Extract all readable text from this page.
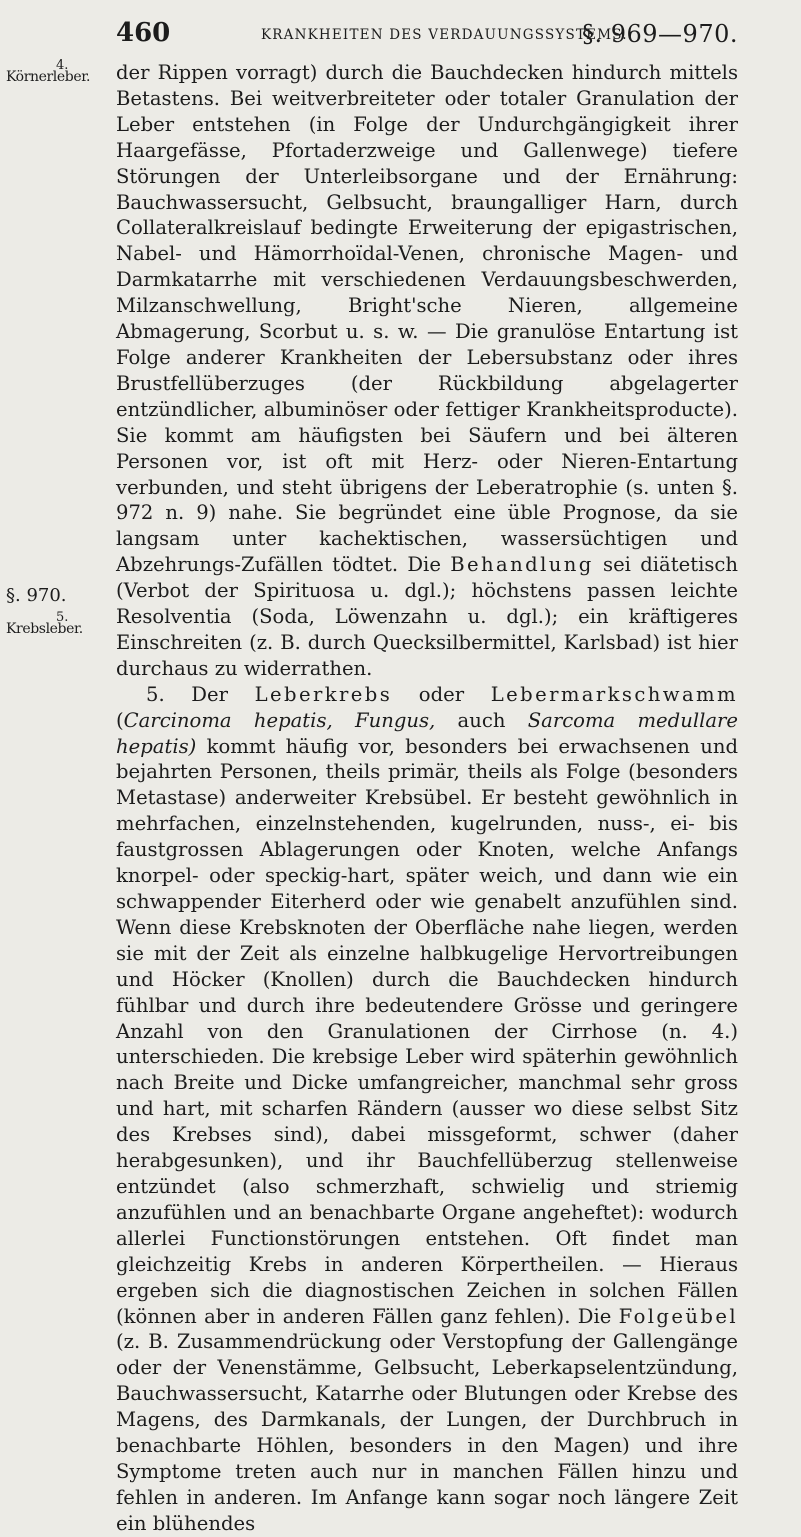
460	KRANKHEITEN DES VERDAUUNGSSYSTEMS.
§. 969—970.
4.
Körnerleber.
§. 970.
5.
Krebsleber.

der Rippen vorragt) durch die Bauchdecken hindurch mittels Betastens. Bei weitverbreiteter oder totaler Granulation der Leber entstehen (in Folge der Undurchgängigkeit ihrer Haargefässe, Pfortaderzweige und Gallenwege) tiefere Störungen der Unterleibsorgane und der Ernährung: Bauchwassersucht, Gelbsucht, braungalliger Harn, durch Collateralkreislauf bedingte Erweiterung der epigastrischen, Nabel- und Hämorrhoïdal-Venen, chronische Magen- und Darmkatarrhe mit verschiedenen Verdauungsbeschwerden, Milzanschwellung, Bright'sche Nieren, allgemeine Abmagerung, Scorbut u. s. w. — Die granulöse Entartung ist Folge anderer Krankheiten der Lebersubstanz oder ihres Brustfellüberzuges (der Rückbildung abgelagerter entzündlicher, albuminöser oder fettiger Krankheitsproducte). Sie kommt am häufigsten bei Säufern und bei älteren Personen vor, ist oft mit Herz- oder Nieren-Entartung verbunden, und steht übrigens der Leberatrophie (s. unten §. 972 n. 9) nahe. Sie begründet eine üble Prognose, da sie langsam unter kachektischen, wassersüchtigen und Abzehrungs-Zufällen tödtet. Die Behandlung sei diätetisch (Verbot der Spirituosa u. dgl.); höchstens passen leichte Resolventia (Soda, Löwenzahn u. dgl.); ein kräftigeres Einschreiten (z. B. durch Quecksilbermittel, Karlsbad) ist hier durchaus zu widerrathen.

5. Der Leberkrebs oder Lebermarkschwamm (Carcinoma hepatis, Fungus, auch Sarcoma medullare hepatis) kommt häufig vor, besonders bei erwachsenen und bejahrten Personen, theils primär, theils als Folge (besonders Metastase) anderweiter Krebsübel. Er besteht gewöhnlich in mehrfachen, einzelnstehenden, kugelrunden, nuss-, ei- bis faustgrossen Ablagerungen oder Knoten, welche Anfangs knorpel- oder speckig-hart, später weich, und dann wie ein schwappender Eiterherd oder wie genabelt anzufühlen sind. Wenn diese Krebsknoten der Oberfläche nahe liegen, werden sie mit der Zeit als einzelne halbkugelige Hervortreibungen und Höcker (Knollen) durch die Bauchdecken hindurch fühlbar und durch ihre bedeutendere Grösse und geringere Anzahl von den Granulationen der Cirrhose (n. 4.) unterschieden. Die krebsige Leber wird späterhin gewöhnlich nach Breite und Dicke umfangreicher, manchmal sehr gross und hart, mit scharfen Rändern (ausser wo diese selbst Sitz des Krebses sind), dabei missgeformt, schwer (daher herabgesunken), und ihr Bauchfellüberzug stellenweise entzündet (also schmerzhaft, schwielig und striemig anzufühlen und an benachbarte Organe angeheftet): wodurch allerlei Functionstörungen entstehen. Oft findet man gleichzeitig Krebs in anderen Körpertheilen. — Hieraus ergeben sich die diagnostischen Zeichen in solchen Fällen (können aber in anderen Fällen ganz fehlen). Die Folgeübel (z. B. Zusammendrückung oder Verstopfung der Gallengänge oder der Venenstämme, Gelbsucht, Leberkapselentzündung, Bauchwassersucht, Katarrhe oder Blutungen oder Krebse des Magens, des Darmkanals, der Lungen, der Durchbruch in benachbarte Höhlen, besonders in den Magen) und ihre Symptome treten auch nur in manchen Fällen hinzu und fehlen in anderen. Im Anfange kann sogar noch längere Zeit ein blühendes
